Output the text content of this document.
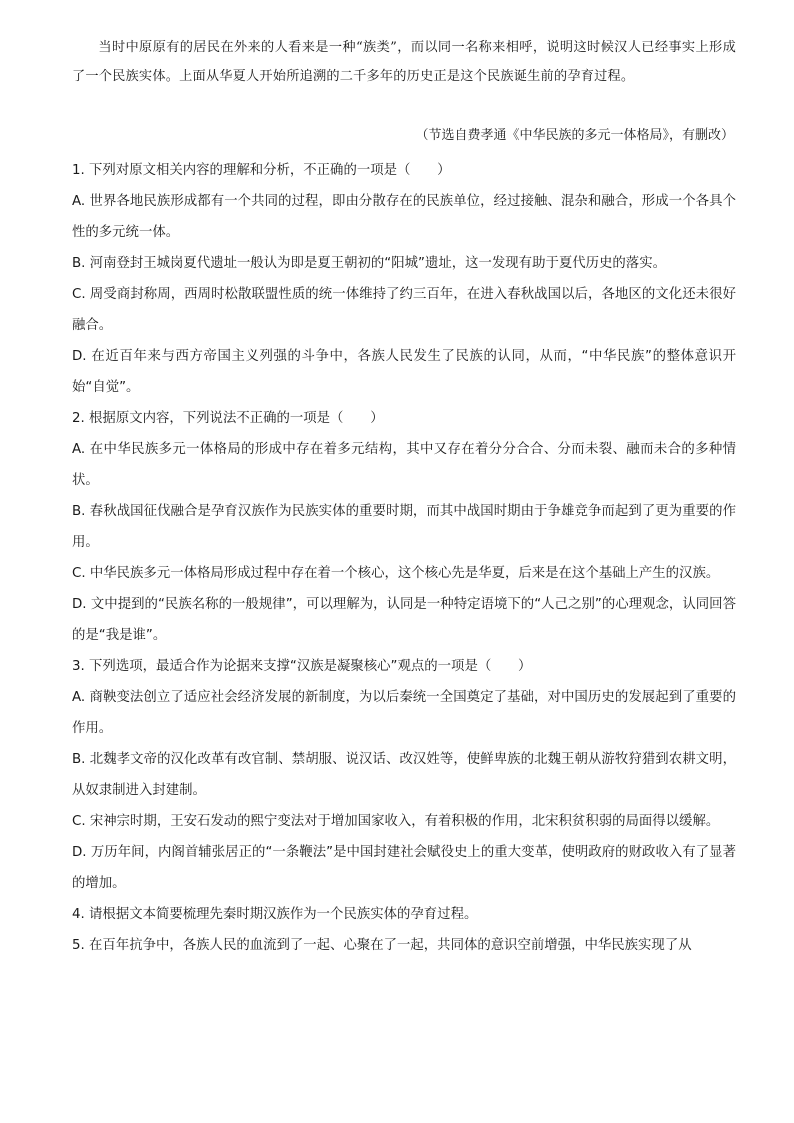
当时中原原有的居民在外来的人看来是一种“族类”，而以同一名称来相呼，说明这时候汉人已经事实上形成了一个民族实体。上面从华夏人开始所追溯的二千多年的历史正是这个民族诞生前的孕育过程。

（节选自费孝通《中华民族的多元一体格局》，有删改）

1. 下列对原文相关内容的理解和分析，不正确的一项是（　　）

A. 世界各地民族形成都有一个共同的过程，即由分散存在的民族单位，经过接触、混杂和融合，形成一个各具个性的多元统一体。

B. 河南登封王城岗夏代遗址一般认为即是夏王朝初的“阳城”遗址，这一发现有助于夏代历史的落实。

C. 周受商封称周，西周时松散联盟性质的统一体维持了约三百年，在进入春秋战国以后，各地区的文化还未很好融合。

D. 在近百年来与西方帝国主义列强的斗争中，各族人民发生了民族的认同，从而，“中华民族”的整体意识开始“自觉”。

2. 根据原文内容，下列说法不正确的一项是（　　）

A. 在中华民族多元一体格局的形成中存在着多元结构，其中又存在着分分合合、分而未裂、融而未合的多种情状。

B. 春秋战国征伐融合是孕育汉族作为民族实体的重要时期，而其中战国时期由于争雄竞争而起到了更为重要的作用。

C. 中华民族多元一体格局形成过程中存在着一个核心，这个核心先是华夏，后来是在这个基础上产生的汉族。

D. 文中提到的“民族名称的一般规律”，可以理解为，认同是一种特定语境下的“人己之别”的心理观念，认同回答的是“我是谁”。

3. 下列选项，最适合作为论据来支撑“汉族是凝聚核心”观点的一项是（　　）

A. 商鞅变法创立了适应社会经济发展的新制度，为以后秦统一全国奠定了基础，对中国历史的发展起到了重要的作用。

B. 北魏孝文帝的汉化改革有改官制、禁胡服、说汉话、改汉姓等，使鲜卑族的北魏王朝从游牧狩猎到农耕文明，从奴隶制进入封建制。

C. 宋神宗时期，王安石发动的熙宁变法对于增加国家收入，有着积极的作用，北宋积贫积弱的局面得以缓解。

D. 万历年间，内阁首辅张居正的“一条鞭法”是中国封建社会赋役史上的重大变革，使明政府的财政收入有了显著的增加。

4. 请根据文本简要梳理先秦时期汉族作为一个民族实体的孕育过程。

5. 在百年抗争中，各族人民的血流到了一起、心聚在了一起，共同体的意识空前增强，中华民族实现了从
